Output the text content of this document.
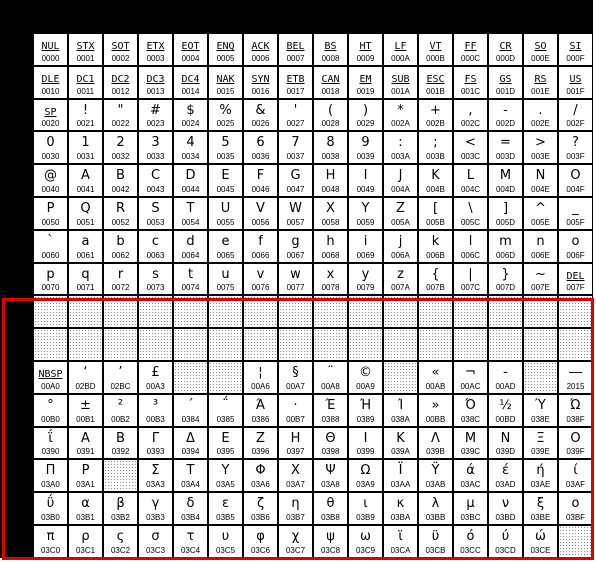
NUL
0000
STX
0001
SOT
0002
ETX
0003
EOT
0004
ENQ
0005
ACK
0006
BEL
0007
BS
0008
HT
0009
LF
000A
VT
000B
FF
000C
CR
000D
SO
000E
SI
000F
DLE
0010
DC1
0011
DC2
0012
DC3
0013
DC4
0014
NAK
0015
SYN
0016
ETB
0017
CAN
0018
EM
0019
SUB
001A
ESC
001B
FS
001C
GS
001D
RS
001E
US
001F
SP
0020
!
0021
"
0022
#
0023
$
0024
%
0025
&
0026
'
0027
(
0028
)
0029
*
002A
+
002B
,
002C
-
002D
.
002E
/
002F
0
0030
1
0031
2
0032
3
0033
4
0034
5
0035
6
0036
7
0037
8
0038
9
0039
:
003A
;
003B
<
003C
=
003D
>
003E
?
003F
@
0040
A
0041
B
0042
C
0043
D
0044
E
0045
F
0046
G
0047
H
0048
I
0049
J
004A
K
004B
L
004C
M
004D
N
004E
O
004F
P
0050
Q
0051
R
0052
S
0053
T
0054
U
0055
V
0056
W
0057
X
0058
Y
0059
Z
005A
[
005B
\
005C
]
005D
^
005E
_
005F
`
0060
a
0061
b
0062
c
0063
d
0064
e
0065
f
0066
g
0067
h
0068
i
0069
j
006A
k
006B
l
006C
m
006D
n
006E
o
006F
p
0070
q
0071
r
0072
s
0073
t
0074
u
0075
v
0076
w
0077
x
0078
y
0079
z
007A
{
007B
|
007C
}
007D
~
007E
DEL
007F
NBSP
00A0
‘
02BD
’
02BC
£
00A3
¦
00A6
§
00A7
¨
00A8
©
00A9
«
00AB
¬
00AC
-
00AD
―
2015
°
00B0
±
00B1
²
00B2
³
00B3
΄
0384
΅
0385
Ά
0386
·
00B7
Έ
0388
Ή
0389
Ί
038A
»
00BB
Ό
038C
½
00BD
Ύ
038E
Ώ
038F
ΐ
0390
Α
0391
Β
0392
Γ
0393
Δ
0394
Ε
0395
Ζ
0396
Η
0397
Θ
0398
Ι
0399
Κ
039A
Λ
039B
Μ
039C
Ν
039D
Ξ
039E
Ο
039F
Π
03A0
Ρ
03A1
Σ
03A3
Τ
03A4
Υ
03A5
Φ
03A6
Χ
03A7
Ψ
03A8
Ω
03A9
Ϊ
03AA
Ϋ
03AB
ά
03AC
έ
03AD
ή
03AE
ί
03AF
ΰ
03B0
α
03B1
β
03B2
γ
03B3
δ
03B4
ε
03B5
ζ
03B6
η
03B7
θ
03B8
ι
03B9
κ
03BA
λ
03BB
μ
03BC
ν
03BD
ξ
03BE
ο
03BF
π
03C0
ρ
03C1
ς
03C2
σ
03C3
τ
03C4
υ
03C5
φ
03C6
χ
03C7
ψ
03C8
ω
03C9
ϊ
03CA
ϋ
03CB
ό
03CC
ύ
03CD
ώ
03CE
